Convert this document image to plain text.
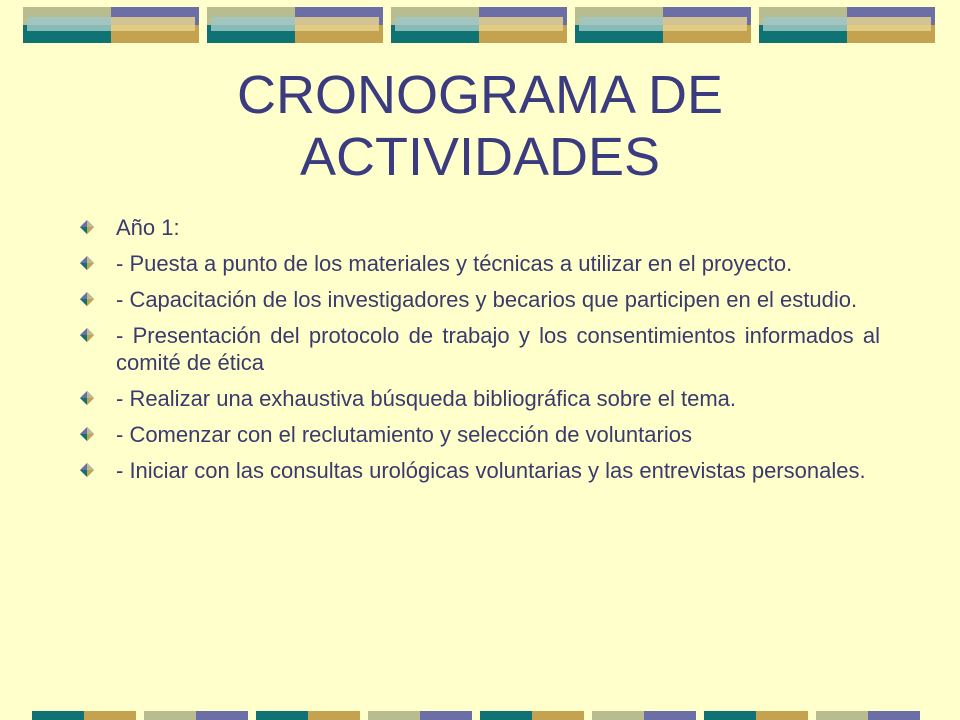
CRONOGRAMA DE
ACTIVIDADES
Año 1:
- Puesta a punto de los materiales y técnicas a utilizar en el proyecto.
- Capacitación de los investigadores y becarios que participen en el estudio.
- Presentación del protocolo de trabajo y los consentimientos informados al comité de ética
- Realizar una exhaustiva búsqueda bibliográfica sobre el tema.
- Comenzar con el reclutamiento y selección de voluntarios
- Iniciar con las consultas urológicas voluntarias y las entrevistas personales.
